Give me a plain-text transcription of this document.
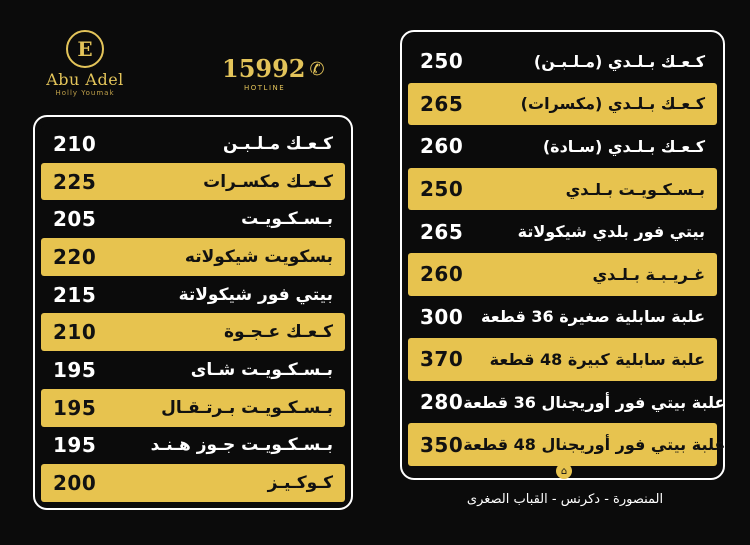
E
Abu Adel
Holly Youmak
15992 ✆
HOTLINE
210	كـعـك مـلـبـن
225	كـعـك مكسـرات
205	بـسـكـويـت
220	بسكويت شيكولاته
215	بيتي فور شيكولاتة
210	كـعـك عـجـوة
195	بـسـكـويـت شـاى
195	بـسـكـويـت بـرتـقـال
195	بـسـكـويـت جـوز هـنـد
200	كـوكـيـز
250	كـعـك بـلـدي (مـلـبـن)
265	كـعـك بـلـدي (مكسرات)
260	كـعـك بـلـدي (سـادة)
250	بـسـكـويـت بـلـدي
265	بيتي فور بلدي شيكولاتة
260	غـريـبـة بـلـدي
300 علبة سابلية صغيرة 36 قطعة
370 علبة سابلية كبيرة 48 قطعة
280 علبة بيتي فور أوريجنال 36 قطعة
350 علبة بيتي فور أوريجنال 48 قطعة
⌂
المنصورة - دكرنس - القباب الصغرى
